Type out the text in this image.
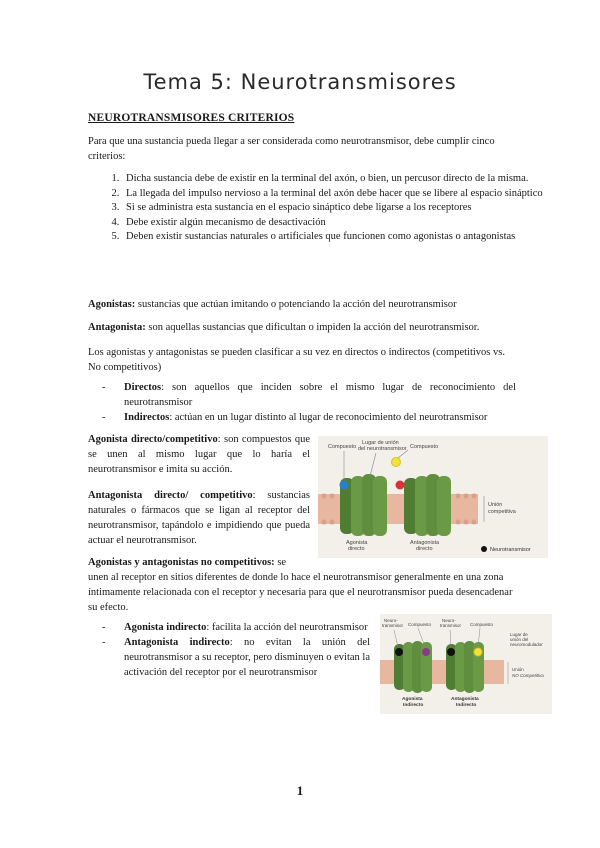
Tema 5: Neurotransmisores
NEUROTRANSMISORES CRITERIOS
Para que una sustancia pueda llegar a ser considerada como neurotransmisor, debe cumplir cinco criterios:
1. Dicha sustancia debe de existir en la terminal del axón, o bien, un percusor directo de la misma.
2. La llegada del impulso nervioso a la terminal del axón debe hacer que se libere al espacio sináptico
3. Si se administra esta sustancia en el espacio sináptico debe ligarse a los receptores
4. Debe existir algún mecanismo de desactivación
5. Deben existir sustancias naturales o artificiales que funcionen como agonistas o antagonistas
Agonistas: sustancias que actúan imitando o potenciando la acción del neurotransmisor
Antagonista: son aquellas sustancias que dificultan o impiden la acción del neurotransmisor.
Los agonistas y antagonistas se pueden clasificar a su vez en directos o indirectos (competitivos vs. No competitivos)
- Directos: son aquellos que inciden sobre el mismo lugar de reconocimiento del neurotransmisor
- Indirectos: actúan en un lugar distinto al lugar de reconocimiento del neurotransmisor
Agonista directo/competitivo: son compuestos que se unen al mismo lugar que lo haría el neurotransmisor e imita su acción.
Antagonista directo/ competitivo: sustancias naturales o fármacos que se ligan al receptor del neurotransmisor, tapándolo e impidiendo que pueda actuar el neurotransmisor.
Agonistas y antagonistas no competitivos: se
unen al receptor en sitios diferentes de donde lo hace el neurotransmisor generalmente en una zona íntimamente relacionada con el receptor y necesaria para que el neurotransmisor pueda desencadenar su efecto.
- Agonista indirecto: facilita la acción del neurotransmisor
- Antagonista indirecto: no evitan la unión del neurotransmisor a su receptor, pero disminuyen o evitan la activación del receptor por el neurotransmisor
Compuesto
Lugar de unión
del neurotransmisor Compuesto
Unión
competitiva
Agonista
directo
Antagonista
directo	Neurotransmisor
Neuro-
transmisor Compuesto
Neuro-
transmisor Compuesto
Lugar de
unión del
neuromodulador
Unión
NO Competitiva
Agonista
Indirecto
Antagonista
Indirecto
1
